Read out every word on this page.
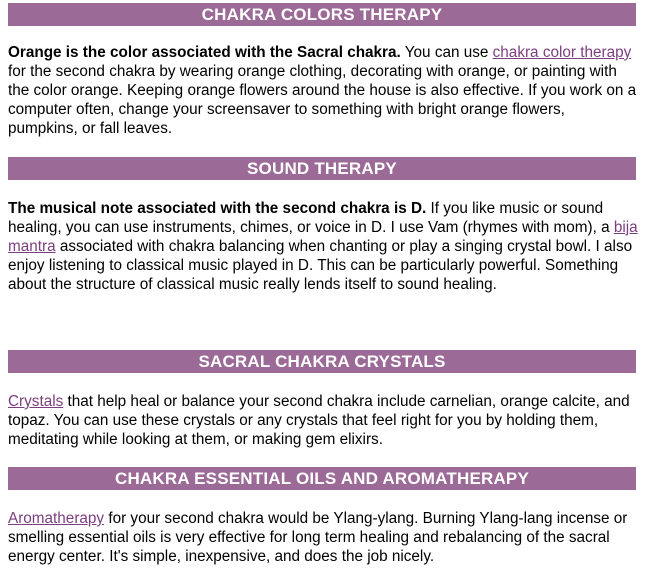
CHAKRA COLORS THERAPY

Orange is the color associated with the Sacral chakra. You can use chakra color therapy for the second chakra by wearing orange clothing, decorating with orange, or painting with the color orange. Keeping orange flowers around the house is also effective. If you work on a computer often, change your screensaver to something with bright orange flowers, pumpkins, or fall leaves.

SOUND THERAPY

The musical note associated with the second chakra is D. If you like music or sound healing, you can use instruments, chimes, or voice in D. I use Vam (rhymes with mom), a bija mantra associated with chakra balancing when chanting or play a singing crystal bowl. I also enjoy listening to classical music played in D. This can be particularly powerful. Something about the structure of classical music really lends itself to sound healing.

SACRAL CHAKRA CRYSTALS

Crystals that help heal or balance your second chakra include carnelian, orange calcite, and topaz. You can use these crystals or any crystals that feel right for you by holding them, meditating while looking at them, or making gem elixirs.

CHAKRA ESSENTIAL OILS AND AROMATHERAPY

Aromatherapy for your second chakra would be Ylang-ylang. Burning Ylang-lang incense or smelling essential oils is very effective for long term healing and rebalancing of the sacral energy center. It's simple, inexpensive, and does the job nicely.
